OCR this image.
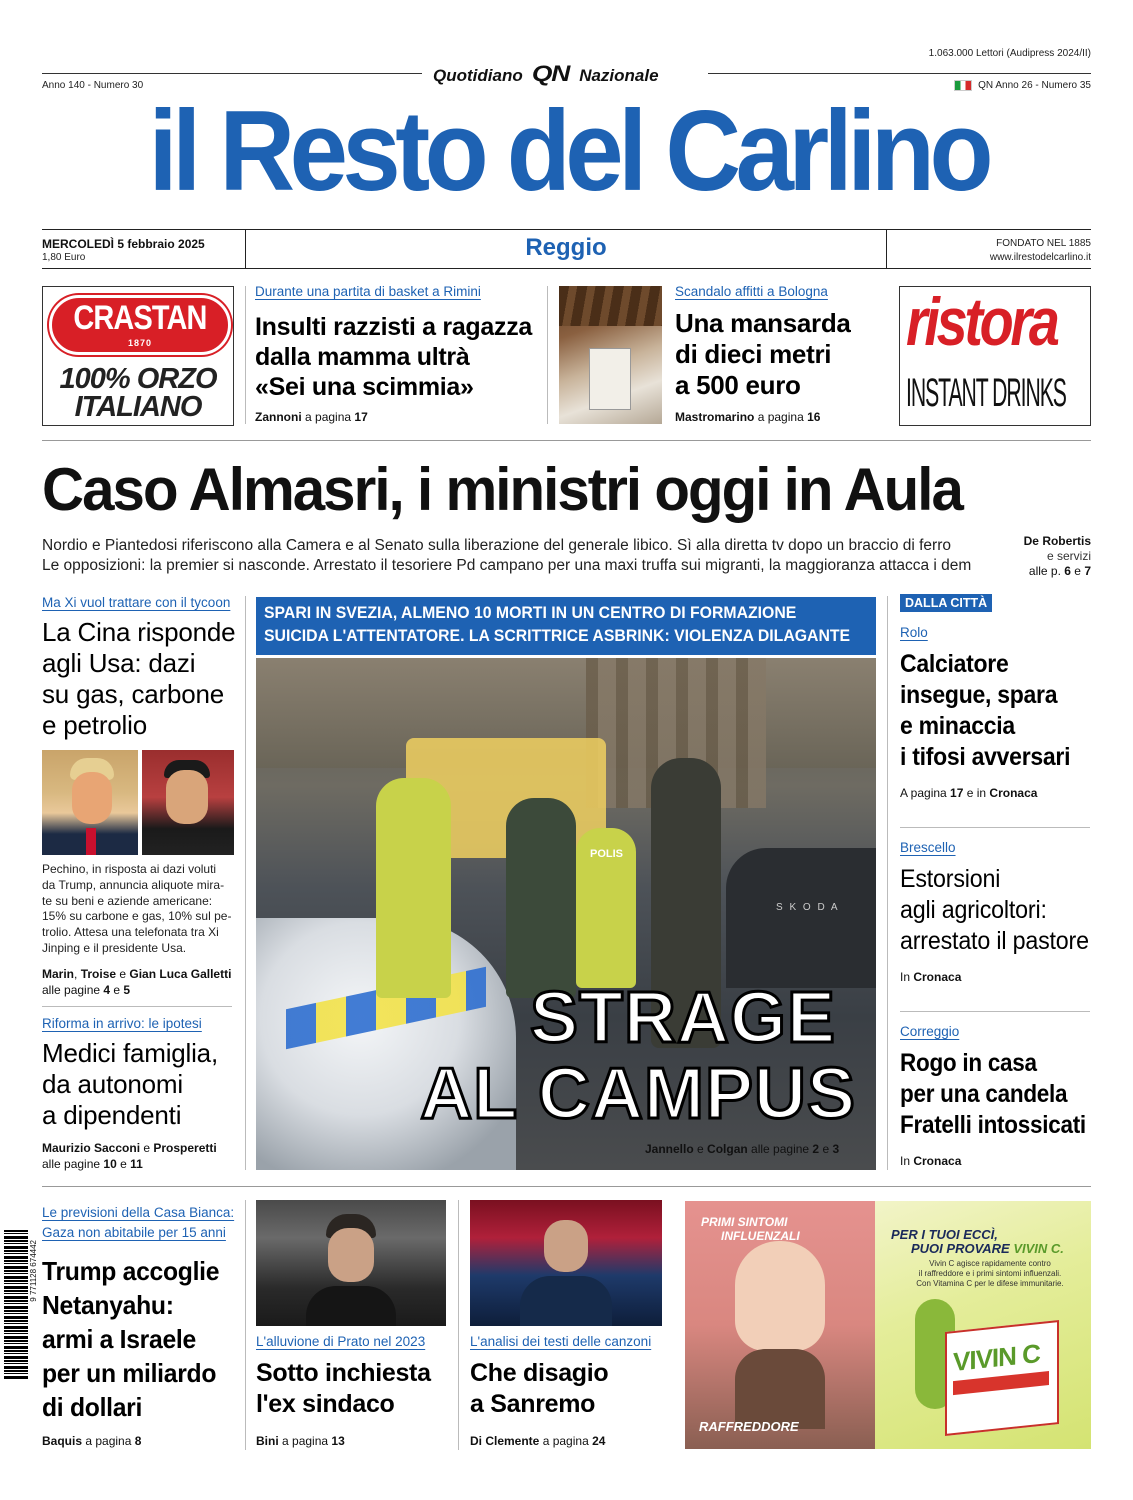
1.063.000 Lettori (Audipress 2024/II)
Anno 140 - Numero 30	QN Anno 26 - Numero 35
Quotidiano QN Nazionale
il Resto del Carlino
MERCOLEDÌ 5 febbraio 2025
1,80 Euro	Reggio	FONDATO NEL 1885
www.ilrestodelcarlino.it
CRASTAN
1870
100% ORZO
ITALIANO
Durante una partita di basket a Rimini
Insulti razzisti a ragazza
dalla mamma ultrà
«Sei una scimmia»
Zannoni a pagina 17
Scandalo affitti a Bologna
Una mansarda
di dieci metri
a 500 euro
Mastromarino a pagina 16
ristora
INSTANT DRINKS
Caso Almasri, i ministri oggi in Aula
Nordio e Piantedosi riferiscono alla Camera e al Senato sulla liberazione del generale libico. Sì alla diretta tv dopo un braccio di ferro
Le opposizioni: la premier si nasconde. Arrestato il tesoriere Pd campano per una maxi truffa sui migranti, la maggioranza attacca i dem
De Robertis
e servizi
alle p. 6 e 7
Ma Xi vuol trattare con il tycoon
La Cina risponde
agli Usa: dazi
su gas, carbone
e petrolio
Pechino, in risposta ai dazi voluti
da Trump, annuncia aliquote mira-
te su beni e aziende americane:
15% su carbone e gas, 10% sul pe-
trolio. Attesa una telefonata tra Xi
Jinping e il presidente Usa.
Marin, Troise e Gian Luca Galletti
alle pagine 4 e 5
Riforma in arrivo: le ipotesi
Medici famiglia,
da autonomi
a dipendenti
Maurizio Sacconi e Prosperetti
alle pagine 10 e 11
SPARI IN SVEZIA, ALMENO 10 MORTI IN UN CENTRO DI FORMAZIONE
SUICIDA L'ATTENTATORE. LA SCRITTRICE ASBRINK: VIOLENZA DILAGANTE
POLIS
S K O D A
STRAGE
AL CAMPUS
Jannello e Colgan alle pagine 2 e 3
DALLA CITTÀ
Rolo
Calciatore
insegue, spara
e minaccia
i tifosi avversari
A pagina 17 e in Cronaca
Brescello
Estorsioni
agli agricoltori:
arrestato il pastore
In Cronaca
Correggio
Rogo in casa
per una candela
Fratelli intossicati
In Cronaca
9 771128 674442
Le previsioni della Casa Bianca:
Gaza non abitabile per 15 anni
Trump accoglie
Netanyahu:
armi a Israele
per un miliardo
di dollari
Baquis a pagina 8
L'alluvione di Prato nel 2023
Sotto inchiesta
l'ex sindaco
Bini a pagina 13
L'analisi dei testi delle canzoni
Che disagio
a Sanremo
Di Clemente a pagina 24
PRIMI SINTOMI
INFLUENZALI
RAFFREDDORE
PER I TUOI ECCÌ,
PUOI PROVARE VIVIN C.
Vivin C agisce rapidamente contro
il raffreddore e i primi sintomi influenzali.
Con Vitamina C per le difese immunitarie.
VIVIN C
